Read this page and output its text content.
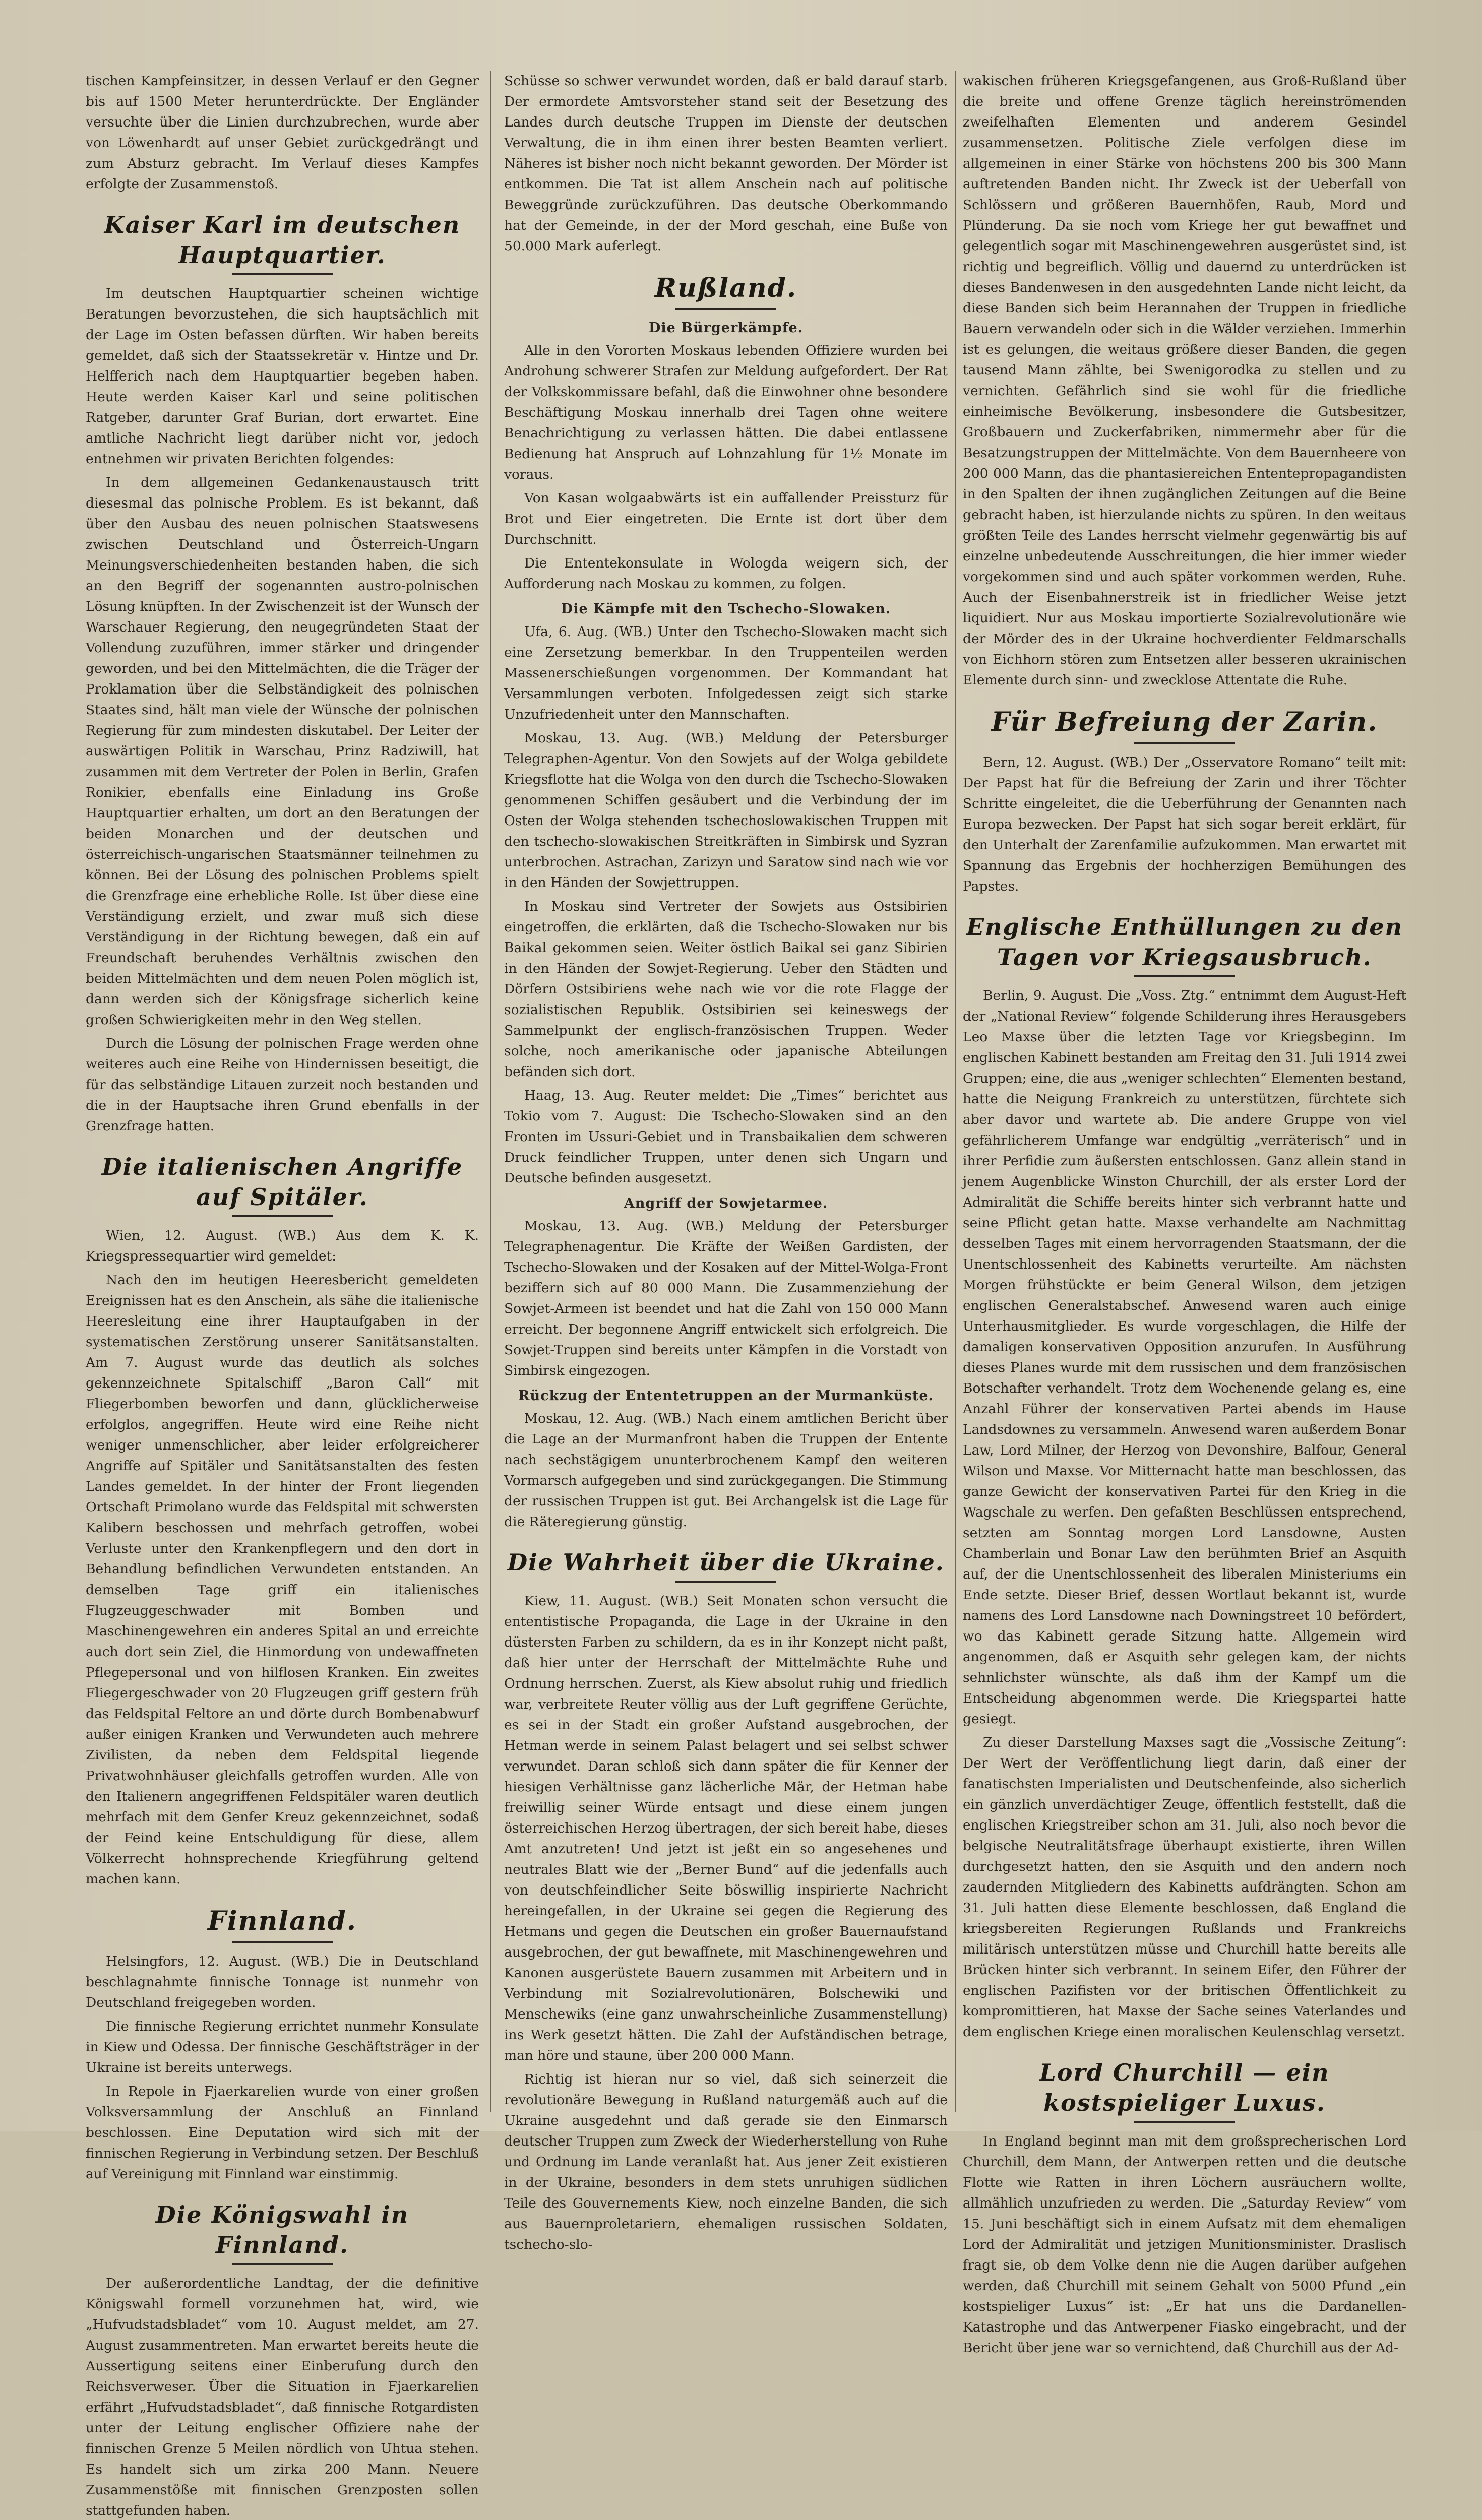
tischen Kampfeinsitzer, in dessen Verlauf er den Gegner bis auf 1500 Meter herunterdrückte. Der Engländer versuchte über die Linien durchzubrechen, wurde aber von Löwenhardt auf unser Gebiet zurückgedrängt und zum Absturz gebracht. Im Verlauf dieses Kampfes erfolgte der Zusammenstoß.

Kaiser Karl im deutschen Hauptquartier.

Im deutschen Hauptquartier scheinen wichtige Beratungen bevorzustehen, die sich hauptsächlich mit der Lage im Osten befassen dürften. Wir haben bereits gemeldet, daß sich der Staatssekretär v. Hintze und Dr. Helfferich nach dem Hauptquartier begeben haben. Heute werden Kaiser Karl und seine politischen Ratgeber, darunter Graf Burian, dort erwartet. Eine amtliche Nachricht liegt darüber nicht vor, jedoch entnehmen wir privaten Berichten folgendes:

In dem allgemeinen Gedankenaustausch tritt diesesmal das polnische Problem. Es ist bekannt, daß über den Ausbau des neuen polnischen Staatswesens zwischen Deutschland und Österreich-Ungarn Meinungsverschiedenheiten bestanden haben, die sich an den Begriff der sogenannten austro-polnischen Lösung knüpften. In der Zwischenzeit ist der Wunsch der Warschauer Regierung, den neugegründeten Staat der Vollendung zuzuführen, immer stärker und dringender geworden, und bei den Mittelmächten, die die Träger der Proklamation über die Selbständigkeit des polnischen Staates sind, hält man viele der Wünsche der polnischen Regierung für zum mindesten diskutabel. Der Leiter der auswärtigen Politik in Warschau, Prinz Radziwill, hat zusammen mit dem Vertreter der Polen in Berlin, Grafen Ronikier, ebenfalls eine Einladung ins Große Hauptquartier erhalten, um dort an den Beratungen der beiden Monarchen und der deutschen und österreichisch-ungarischen Staatsmänner teilnehmen zu können. Bei der Lösung des polnischen Problems spielt die Grenzfrage eine erhebliche Rolle. Ist über diese eine Verständigung erzielt, und zwar muß sich diese Verständigung in der Richtung bewegen, daß ein auf Freundschaft beruhendes Verhältnis zwischen den beiden Mittelmächten und dem neuen Polen möglich ist, dann werden sich der Königsfrage sicherlich keine großen Schwierigkeiten mehr in den Weg stellen.

Durch die Lösung der polnischen Frage werden ohne weiteres auch eine Reihe von Hindernissen beseitigt, die für das selbständige Litauen zurzeit noch bestanden und die in der Hauptsache ihren Grund ebenfalls in der Grenzfrage hatten.

Die italienischen Angriffe auf Spitäler.

Wien, 12. August. (WB.) Aus dem K. K. Kriegspressequartier wird gemeldet:

Nach den im heutigen Heeresbericht gemeldeten Ereignissen hat es den Anschein, als sähe die italienische Heeresleitung eine ihrer Hauptaufgaben in der systematischen Zerstörung unserer Sanitätsanstalten. Am 7. August wurde das deutlich als solches gekennzeichnete Spitalschiff „Baron Call“ mit Fliegerbomben beworfen und dann, glücklicherweise erfolglos, angegriffen. Heute wird eine Reihe nicht weniger unmenschlicher, aber leider erfolgreicherer Angriffe auf Spitäler und Sanitätsanstalten des festen Landes gemeldet. In der hinter der Front liegenden Ortschaft Primolano wurde das Feldspital mit schwersten Kalibern beschossen und mehrfach getroffen, wobei Verluste unter den Krankenpflegern und den dort in Behandlung befindlichen Verwundeten entstanden. An demselben Tage griff ein italienisches Flugzeuggeschwader mit Bomben und Maschinengewehren ein anderes Spital an und erreichte auch dort sein Ziel, die Hinmordung von undewaffneten Pflegepersonal und von hilflosen Kranken. Ein zweites Fliegergeschwader von 20 Flugzeugen griff gestern früh das Feldspital Feltore an und dörte durch Bombenabwurf außer einigen Kranken und Verwundeten auch mehrere Zivilisten, da neben dem Feldspital liegende Privatwohnhäuser gleichfalls getroffen wurden. Alle von den Italienern angegriffenen Feldspitäler waren deutlich mehrfach mit dem Genfer Kreuz gekennzeichnet, sodaß der Feind keine Entschuldigung für diese, allem Völkerrecht hohnsprechende Kriegführung geltend machen kann.

Finnland.

Helsingfors, 12. August. (WB.) Die in Deutschland beschlagnahmte finnische Tonnage ist nunmehr von Deutschland freigegeben worden.

Die finnische Regierung errichtet nunmehr Konsulate in Kiew und Odessa. Der finnische Geschäftsträger in der Ukraine ist bereits unterwegs.

In Repole in Fjaerkarelien wurde von einer großen Volksversammlung der Anschluß an Finnland beschlossen. Eine Deputation wird sich mit der finnischen Regierung in Verbindung setzen. Der Beschluß auf Vereinigung mit Finnland war einstimmig.

Die Königswahl in Finnland.

Der außerordentliche Landtag, der die definitive Königswahl formell vorzunehmen hat, wird, wie „Hufvudstadsbladet“ vom 10. August meldet, am 27. August zusammentreten. Man erwartet bereits heute die Aussertigung seitens einer Einberufung durch den Reichsverweser. Über die Situation in Fjaerkarelien erfährt „Hufvudstadsbladet“, daß finnische Rotgardisten unter der Leitung englischer Offiziere nahe der finnischen Grenze 5 Meilen nördlich von Uhtua stehen. Es handelt sich um zirka 200 Mann. Neuere Zusammenstöße mit finnischen Grenzposten sollen stattgefunden haben.

Schüsse so schwer verwundet worden, daß er bald darauf starb. Der ermordete Amtsvorsteher stand seit der Besetzung des Landes durch deutsche Truppen im Dienste der deutschen Verwaltung, die in ihm einen ihrer besten Beamten verliert. Näheres ist bisher noch nicht bekannt geworden. Der Mörder ist entkommen. Die Tat ist allem Anschein nach auf politische Beweggründe zurückzuführen. Das deutsche Oberkommando hat der Gemeinde, in der der Mord geschah, eine Buße von 50.000 Mark auferlegt.

Rußland.
Die Bürgerkämpfe.

Alle in den Vororten Moskaus lebenden Offiziere wurden bei Androhung schwerer Strafen zur Meldung aufgefordert. Der Rat der Volkskommissare befahl, daß die Einwohner ohne besondere Beschäftigung Moskau innerhalb drei Tagen ohne weitere Benachrichtigung zu verlassen hätten. Die dabei entlassene Bedienung hat Anspruch auf Lohnzahlung für 1½ Monate im voraus.

Von Kasan wolgaabwärts ist ein auffallender Preissturz für Brot und Eier eingetreten. Die Ernte ist dort über dem Durchschnitt.

Die Ententekonsulate in Wologda weigern sich, der Aufforderung nach Moskau zu kommen, zu folgen.

Die Kämpfe mit den Tschecho-Slowaken.

Ufa, 6. Aug. (WB.) Unter den Tschecho-Slowaken macht sich eine Zersetzung bemerkbar. In den Truppenteilen werden Massenerschießungen vorgenommen. Der Kommandant hat Versammlungen verboten. Infolgedessen zeigt sich starke Unzufriedenheit unter den Mannschaften.

Moskau, 13. Aug. (WB.) Meldung der Petersburger Telegraphen-Agentur. Von den Sowjets auf der Wolga gebildete Kriegsflotte hat die Wolga von den durch die Tschecho-Slowaken genommenen Schiffen gesäubert und die Verbindung der im Osten der Wolga stehenden tschechoslowakischen Truppen mit den tschecho-slowakischen Streitkräften in Simbirsk und Syzran unterbrochen. Astrachan, Zarizyn und Saratow sind nach wie vor in den Händen der Sowjettruppen.

In Moskau sind Vertreter der Sowjets aus Ostsibirien eingetroffen, die erklärten, daß die Tschecho-Slowaken nur bis Baikal gekommen seien. Weiter östlich Baikal sei ganz Sibirien in den Händen der Sowjet-Regierung. Ueber den Städten und Dörfern Ostsibiriens wehe nach wie vor die rote Flagge der sozialistischen Republik. Ostsibirien sei keineswegs der Sammelpunkt der englisch-französischen Truppen. Weder solche, noch amerikanische oder japanische Abteilungen befänden sich dort.

Haag, 13. Aug. Reuter meldet: Die „Times“ berichtet aus Tokio vom 7. August: Die Tschecho-Slowaken sind an den Fronten im Ussuri-Gebiet und in Transbaikalien dem schweren Druck feindlicher Truppen, unter denen sich Ungarn und Deutsche befinden ausgesetzt.

Angriff der Sowjetarmee.

Moskau, 13. Aug. (WB.) Meldung der Petersburger Telegraphenagentur. Die Kräfte der Weißen Gardisten, der Tschecho-Slowaken und der Kosaken auf der Mittel-Wolga-Front beziffern sich auf 80 000 Mann. Die Zusammenziehung der Sowjet-Armeen ist beendet und hat die Zahl von 150 000 Mann erreicht. Der begonnene Angriff entwickelt sich erfolgreich. Die Sowjet-Truppen sind bereits unter Kämpfen in die Vorstadt von Simbirsk eingezogen.

Rückzug der Ententetruppen an der Murmanküste.

Moskau, 12. Aug. (WB.) Nach einem amtlichen Bericht über die Lage an der Murmanfront haben die Truppen der Entente nach sechstägigem ununterbrochenem Kampf den weiteren Vormarsch aufgegeben und sind zurückgegangen. Die Stimmung der russischen Truppen ist gut. Bei Archangelsk ist die Lage für die Räteregierung günstig.

Die Wahrheit über die Ukraine.

Kiew, 11. August. (WB.) Seit Monaten schon versucht die ententistische Propaganda, die Lage in der Ukraine in den düstersten Farben zu schildern, da es in ihr Konzept nicht paßt, daß hier unter der Herrschaft der Mittelmächte Ruhe und Ordnung herrschen. Zuerst, als Kiew absolut ruhig und friedlich war, verbreitete Reuter völlig aus der Luft gegriffene Gerüchte, es sei in der Stadt ein großer Aufstand ausgebrochen, der Hetman werde in seinem Palast belagert und sei selbst schwer verwundet. Daran schloß sich dann später die für Kenner der hiesigen Verhältnisse ganz lächerliche Mär, der Hetman habe freiwillig seiner Würde entsagt und diese einem jungen österreichischen Herzog übertragen, der sich bereit habe, dieses Amt anzutreten! Und jetzt ist jeßt ein so angesehenes und neutrales Blatt wie der „Berner Bund“ auf die jedenfalls auch von deutschfeindlicher Seite böswillig inspirierte Nachricht hereingefallen, in der Ukraine sei gegen die Regierung des Hetmans und gegen die Deutschen ein großer Bauernaufstand ausgebrochen, der gut bewaffnete, mit Maschinengewehren und Kanonen ausgerüstete Bauern zusammen mit Arbeitern und in Verbindung mit Sozialrevolutionären, Bolschewiki und Menschewiks (eine ganz unwahrscheinliche Zusammenstellung) ins Werk gesetzt hätten. Die Zahl der Aufständischen betrage, man höre und staune, über 200 000 Mann.

Richtig ist hieran nur so viel, daß sich seinerzeit die revolutionäre Bewegung in Rußland naturgemäß auch auf die Ukraine ausgedehnt und daß gerade sie den Einmarsch deutscher Truppen zum Zweck der Wiederherstellung von Ruhe und Ordnung im Lande veranlaßt hat. Aus jener Zeit existieren in der Ukraine, besonders in dem stets unruhigen südlichen Teile des Gouvernements Kiew, noch einzelne Banden, die sich aus Bauernproletariern, ehemaligen russischen Soldaten, tschecho-slo-

wakischen früheren Kriegsgefangenen, aus Groß-Rußland über die breite und offene Grenze täglich hereinströmenden zweifelhaften Elementen und anderem Gesindel zusammensetzen. Politische Ziele verfolgen diese im allgemeinen in einer Stärke von höchstens 200 bis 300 Mann auftretenden Banden nicht. Ihr Zweck ist der Ueberfall von Schlössern und größeren Bauernhöfen, Raub, Mord und Plünderung. Da sie noch vom Kriege her gut bewaffnet und gelegentlich sogar mit Maschinengewehren ausgerüstet sind, ist richtig und begreiflich. Völlig und dauernd zu unterdrücken ist dieses Bandenwesen in den ausgedehnten Lande nicht leicht, da diese Banden sich beim Herannahen der Truppen in friedliche Bauern verwandeln oder sich in die Wälder verziehen. Immerhin ist es gelungen, die weitaus größere dieser Banden, die gegen tausend Mann zählte, bei Swenigorodka zu stellen und zu vernichten. Gefährlich sind sie wohl für die friedliche einheimische Bevölkerung, insbesondere die Gutsbesitzer, Großbauern und Zuckerfabriken, nimmermehr aber für die Besatzungstruppen der Mittelmächte. Von dem Bauernheere von 200 000 Mann, das die phantasiereichen Ententepropagandisten in den Spalten der ihnen zugänglichen Zeitungen auf die Beine gebracht haben, ist hierzulande nichts zu spüren. In den weitaus größten Teile des Landes herrscht vielmehr gegenwärtig bis auf einzelne unbedeutende Ausschreitungen, die hier immer wieder vorgekommen sind und auch später vorkommen werden, Ruhe. Auch der Eisenbahnerstreik ist in friedlicher Weise jetzt liquidiert. Nur aus Moskau importierte Sozialrevolutionäre wie der Mörder des in der Ukraine hochverdienter Feldmarschalls von Eichhorn stören zum Entsetzen aller besseren ukrainischen Elemente durch sinn- und zwecklose Attentate die Ruhe.

Für Befreiung der Zarin.

Bern, 12. August. (WB.) Der „Osservatore Romano“ teilt mit: Der Papst hat für die Befreiung der Zarin und ihrer Töchter Schritte eingeleitet, die die Ueberführung der Genannten nach Europa bezwecken. Der Papst hat sich sogar bereit erklärt, für den Unterhalt der Zarenfamilie aufzukommen. Man erwartet mit Spannung das Ergebnis der hochherzigen Bemühungen des Papstes.

Englische Enthüllungen zu den Tagen vor Kriegsausbruch.

Berlin, 9. August. Die „Voss. Ztg.“ entnimmt dem August-Heft der „National Review“ folgende Schilderung ihres Herausgebers Leo Maxse über die letzten Tage vor Kriegsbeginn. Im englischen Kabinett bestanden am Freitag den 31. Juli 1914 zwei Gruppen; eine, die aus „weniger schlechten“ Elementen bestand, hatte die Neigung Frankreich zu unterstützen, fürchtete sich aber davor und wartete ab. Die andere Gruppe von viel gefährlicherem Umfange war endgültig „verräterisch“ und in ihrer Perfidie zum äußersten entschlossen. Ganz allein stand in jenem Augenblicke Winston Churchill, der als erster Lord der Admiralität die Schiffe bereits hinter sich verbrannt hatte und seine Pflicht getan hatte. Maxse verhandelte am Nachmittag desselben Tages mit einem hervorragenden Staatsmann, der die Unentschlossenheit des Kabinetts verurteilte. Am nächsten Morgen frühstückte er beim General Wilson, dem jetzigen englischen Generalstabschef. Anwesend waren auch einige Unterhausmitglieder. Es wurde vorgeschlagen, die Hilfe der damaligen konservativen Opposition anzurufen. In Ausführung dieses Planes wurde mit dem russischen und dem französischen Botschafter verhandelt. Trotz dem Wochenende gelang es, eine Anzahl Führer der konservativen Partei abends im Hause Landsdownes zu versammeln. Anwesend waren außerdem Bonar Law, Lord Milner, der Herzog von Devonshire, Balfour, General Wilson und Maxse. Vor Mitternacht hatte man beschlossen, das ganze Gewicht der konservativen Partei für den Krieg in die Wagschale zu werfen. Den gefaßten Beschlüssen entsprechend, setzten am Sonntag morgen Lord Lansdowne, Austen Chamberlain und Bonar Law den berühmten Brief an Asquith auf, der die Unentschlossenheit des liberalen Ministeriums ein Ende setzte. Dieser Brief, dessen Wortlaut bekannt ist, wurde namens des Lord Lansdowne nach Downingstreet 10 befördert, wo das Kabinett gerade Sitzung hatte. Allgemein wird angenommen, daß er Asquith sehr gelegen kam, der nichts sehnlichster wünschte, als daß ihm der Kampf um die Entscheidung abgenommen werde. Die Kriegspartei hatte gesiegt.

Zu dieser Darstellung Maxses sagt die „Vossische Zeitung“: Der Wert der Veröffentlichung liegt darin, daß einer der fanatischsten Imperialisten und Deutschenfeinde, also sicherlich ein gänzlich unverdächtiger Zeuge, öffentlich feststellt, daß die englischen Kriegstreiber schon am 31. Juli, also noch bevor die belgische Neutralitätsfrage überhaupt existierte, ihren Willen durchgesetzt hatten, den sie Asquith und den andern noch zaudernden Mitgliedern des Kabinetts aufdrängten. Schon am 31. Juli hatten diese Elemente beschlossen, daß England die kriegsbereiten Regierungen Rußlands und Frankreichs militärisch unterstützen müsse und Churchill hatte bereits alle Brücken hinter sich verbrannt. In seinem Eifer, den Führer der englischen Pazifisten vor der britischen Öffentlichkeit zu kompromittieren, hat Maxse der Sache seines Vaterlandes und dem englischen Kriege einen moralischen Keulenschlag versetzt.

Lord Churchill — ein kostspieliger Luxus.

In England beginnt man mit dem großsprecherischen Lord Churchill, dem Mann, der Antwerpen retten und die deutsche Flotte wie Ratten in ihren Löchern ausräuchern wollte, allmählich unzufrieden zu werden. Die „Saturday Review“ vom 15. Juni beschäftigt sich in einem Aufsatz mit dem ehemaligen Lord der Admiralität und jetzigen Munitionsminister. Draslisch fragt sie, ob dem Volke denn nie die Augen darüber aufgehen werden, daß Churchill mit seinem Gehalt von 5000 Pfund „ein kostspieliger Luxus“ ist: „Er hat uns die Dardanellen-Katastrophe und das Antwerpener Fiasko eingebracht, und der Bericht über jene war so vernichtend, daß Churchill aus der Ad-
